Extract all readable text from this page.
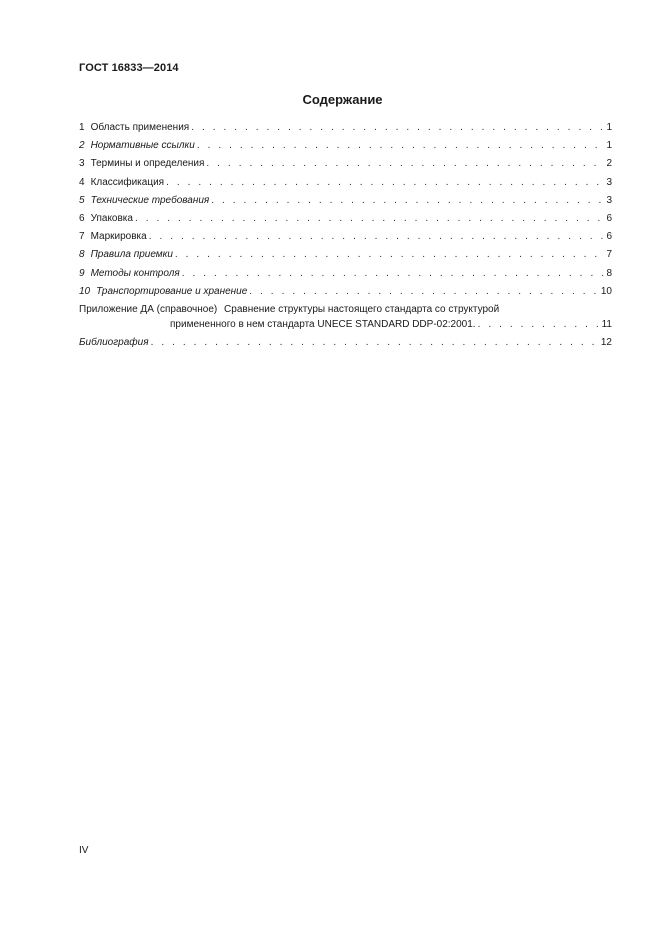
ГОСТ 16833—2014
Содержание
1 Область применения . . .	1
2 Нормативные ссылки . . .	1
3 Термины и определения . . .	2
4 Классификация . . .	3
5 Технические требования . . .	3
6 Упаковка . . .	6
7 Маркировка . . .	6
8 Правила приемки . . .	7
9 Методы контроля . . .	8
10 Транспортирование и хранение . . .	10
Приложение ДА (справочное) Сравнение структуры настоящего стандарта со структурой
примененного в нем стандарта UNECE STANDARD DDP-02:2001. . . .	11
Библиография . . .	12
IV
